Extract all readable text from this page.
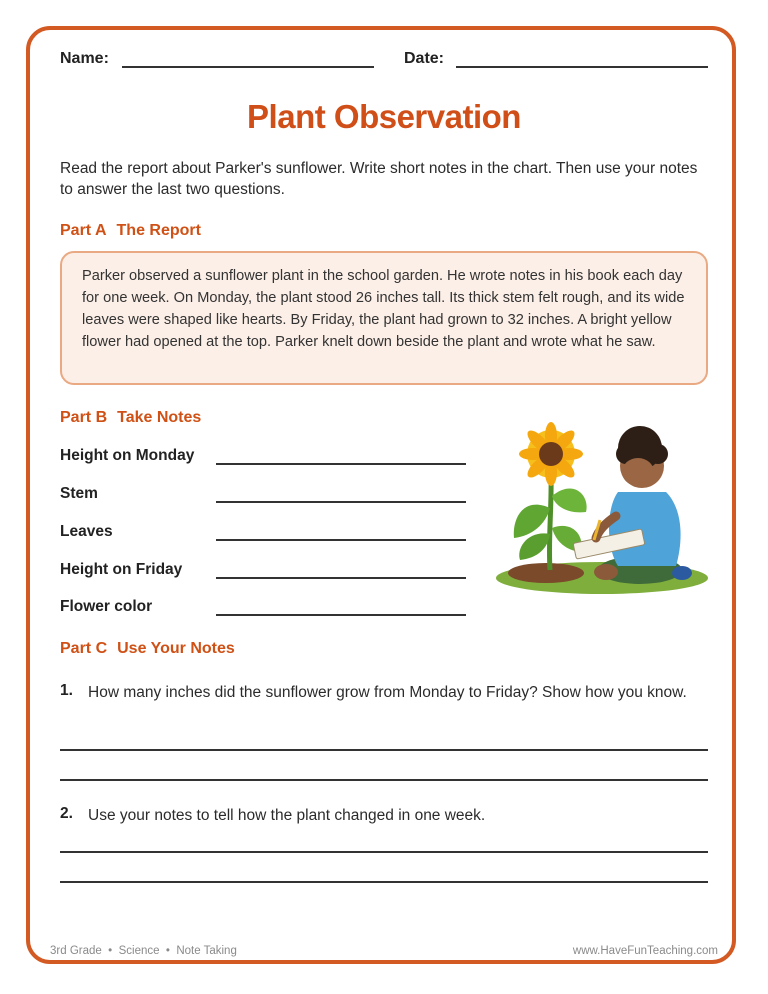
Name:	Date:
Plant Observation
Read the report about Parker's sunflower. Write short notes in the chart. Then use your notes to answer the last two questions.
Part A The Report
Parker observed a sunflower plant in the school garden. He wrote notes in his book each day for one week. On Monday, the plant stood 26 inches tall. Its thick stem felt rough, and its wide leaves were shaped like hearts. By Friday, the plant had grown to 32 inches. A bright yellow flower had opened at the top. Parker knelt down beside the plant and wrote what he saw.
Part B Take Notes
Height on Monday
Stem
Leaves
Height on Friday
Flower color
Part C Use Your Notes
1. How many inches did the sunflower grow from Monday to Friday? Show how you know.
2. Use your notes to tell how the plant changed in one week.
3rd Grade • Science • Note Taking	www.HaveFunTeaching.com
